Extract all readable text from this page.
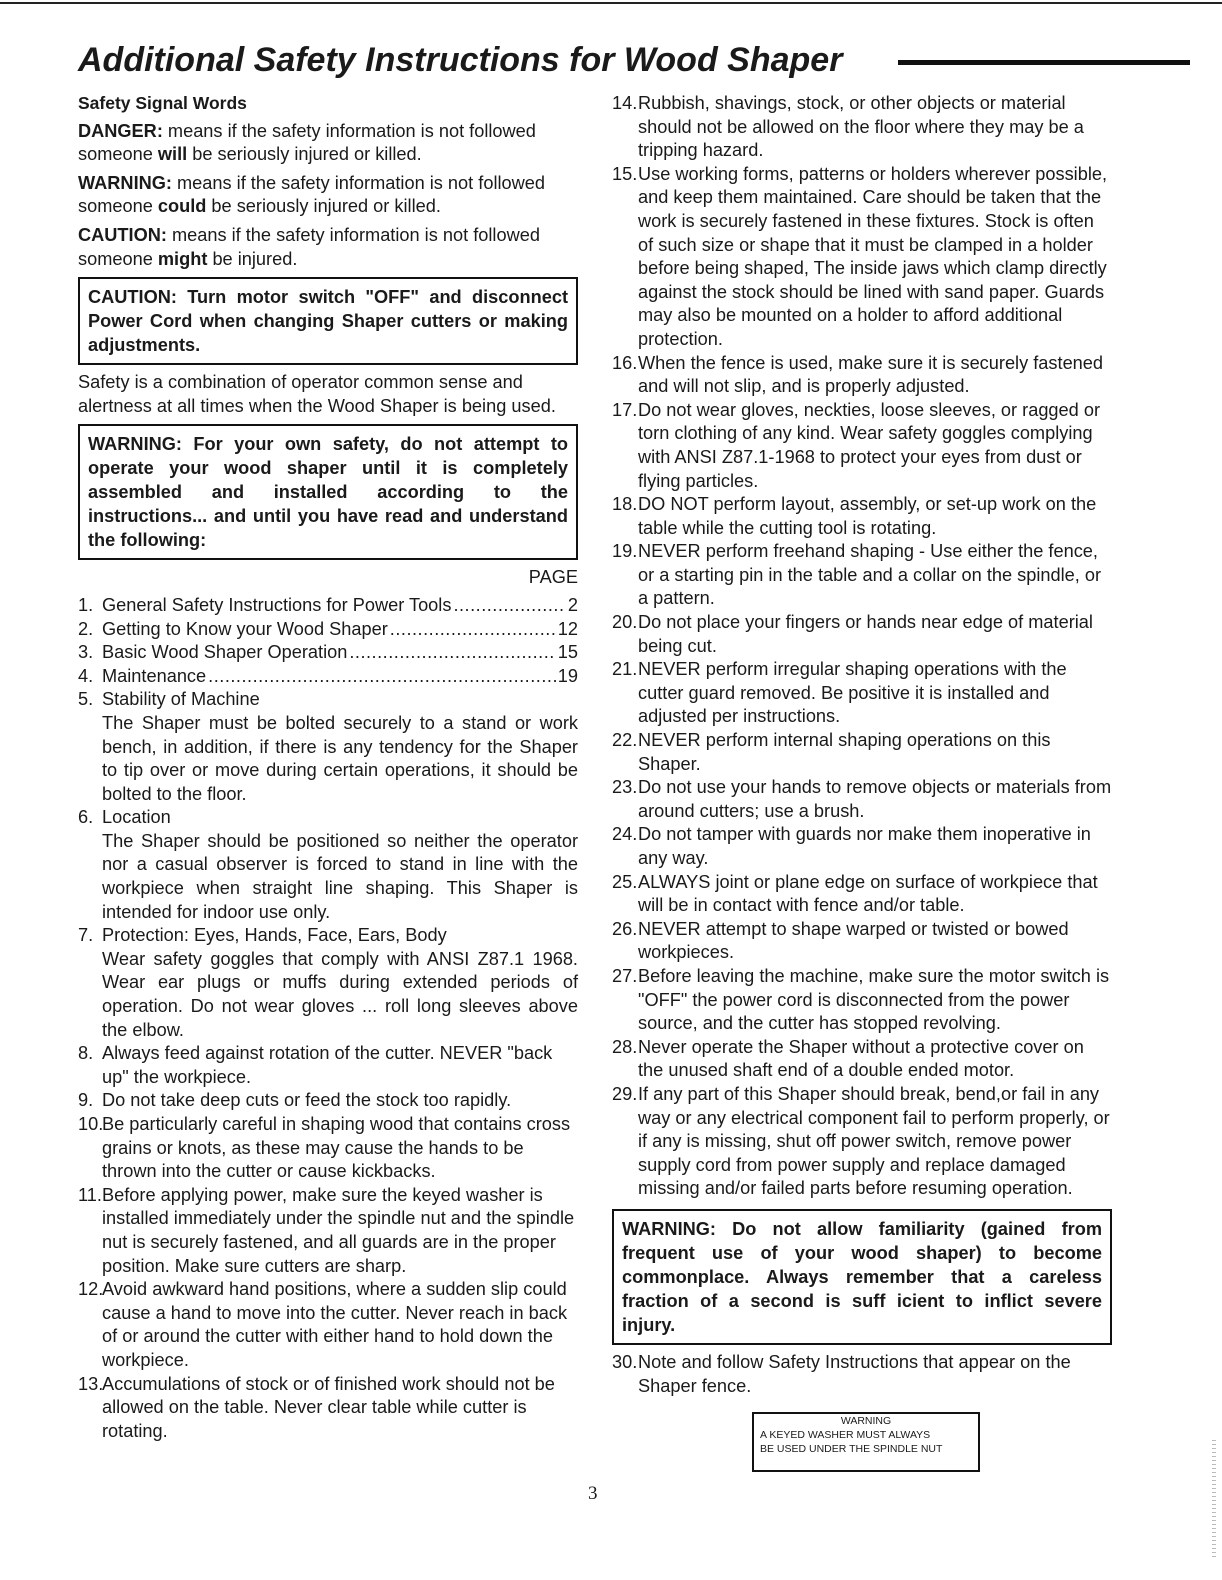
Additional Safety Instructions for Wood Shaper

Safety Signal Words

DANGER: means if the safety information is not followed someone will be seriously injured or killed.

WARNING: means if the safety information is not followed someone could be seriously injured or killed.

CAUTION: means if the safety information is not followed someone might be injured.

CAUTION: Turn motor switch "OFF" and disconnect Power Cord when changing Shaper cutters or making adjustments.

Safety is a combination of operator common sense and alertness at all times when the Wood Shaper is being used.

WARNING: For your own safety, do not attempt to operate your wood shaper until it is completely assembled and installed according to the instructions... and until you have read and understand the following:

PAGE

1. General Safety Instructions for Power Tools .....	2
2. Getting to Know your Wood Shaper .....	12
3. Basic Wood Shaper Operation .....	15
4. Maintenance .....	19
5. Stability of Machine

The Shaper must be bolted securely to a stand or work bench, in addition, if there is any tendency for the Shaper to tip over or move during certain operations, it should be bolted to the floor.

6. Location

The Shaper should be positioned so neither the operator nor a casual observer is forced to stand in line with the workpiece when straight line shaping. This Shaper is intended for indoor use only.

7. Protection: Eyes, Hands, Face, Ears, Body

Wear safety goggles that comply with ANSI Z87.1 1968. Wear ear plugs or muffs during extended periods of operation. Do not wear gloves ... roll long sleeves above the elbow.

8. Always feed against rotation of the cutter. NEVER "back up" the workpiece.
9. Do not take deep cuts or feed the stock too rapidly.
10.
Be particularly careful in shaping wood that contains cross grains or knots, as these may cause the hands to be thrown into the cutter or cause kickbacks.
11. Before applying power, make sure the keyed washer is installed immediately under the spindle nut and the spindle nut is securely fastened, and all guards are in the proper position. Make sure cutters are sharp.
12.
Avoid awkward hand positions, where a sudden slip could cause a hand to move into the cutter. Never reach in back of or around the cutter with either hand to hold down the workpiece.
13.
Accumulations of stock or of finished work should not be allowed on the table. Never clear table while cutter is rotating.
14. Rubbish, shavings, stock, or other objects or material should not be allowed on the floor where they may be a tripping hazard.
15. Use working forms, patterns or holders wherever possible, and keep them maintained. Care should be taken that the work is securely fastened in these fixtures. Stock is often of such size or shape that it must be clamped in a holder before being shaped, The inside jaws which clamp directly against the stock should be lined with sand paper. Guards may also be mounted on a holder to afford additional protection.
16. When the fence is used, make sure it is securely fastened and will not slip, and is properly adjusted.
17. Do not wear gloves, neckties, loose sleeves, or ragged or torn clothing of any kind. Wear safety goggles complying with ANSI Z87.1-1968 to protect your eyes from dust or flying particles.
18. DO NOT perform layout, assembly, or set-up work on the table while the cutting tool is rotating.
19. NEVER perform freehand shaping - Use either the fence, or a starting pin in the table and a collar on the spindle, or a pattern.
20. Do not place your fingers or hands near edge of material being cut.
21. NEVER perform irregular shaping operations with the cutter guard removed. Be positive it is installed and adjusted per instructions.
22. NEVER perform internal shaping operations on this Shaper.
23. Do not use your hands to remove objects or materials from around cutters; use a brush.
24. Do not tamper with guards nor make them inoperative in any way.
25. ALWAYS joint or plane edge on surface of workpiece that will be in contact with fence and/or table.
26. NEVER attempt to shape warped or twisted or bowed workpieces.
27. Before leaving the machine, make sure the motor switch is "OFF" the power cord is disconnected from the power source, and the cutter has stopped revolving.
28. Never operate the Shaper without a protective cover on the unused shaft end of a double ended motor.
29. If any part of this Shaper should break, bend,or fail in any way or any electrical component fail to perform properly, or if any is missing, shut off power switch, remove power supply cord from power supply and replace damaged missing and/or failed parts before resuming operation.
WARNING: Do not allow familiarity (gained from frequent use of your wood shaper) to become commonplace. Always remember that a careless fraction of a second is suff icient to inflict severe injury.
30. Note and follow Safety Instructions that appear on the Shaper fence.
WARNING
A KEYED WASHER MUST ALWAYS
BE USED UNDER THE SPINDLE NUT
3
